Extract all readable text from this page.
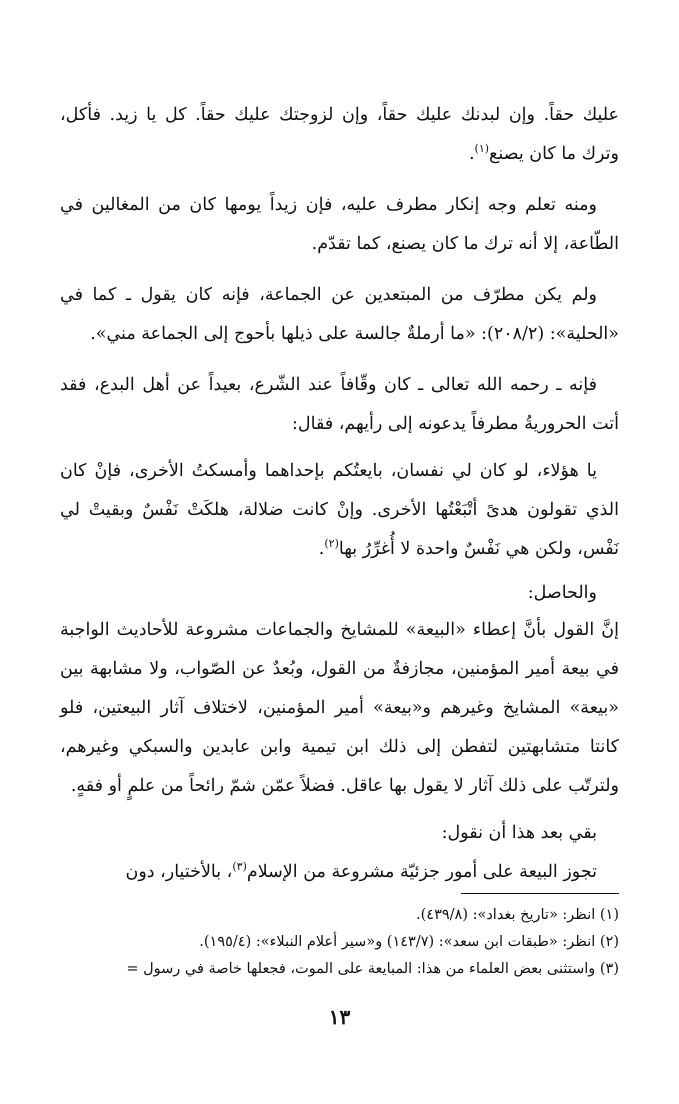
عليك حقاً. وإن لبدنك عليك حقاً، وإن لزوجتك عليك حقاً. كل يا زيد. فأكل، وترك ما كان يصنع$^{(١)}$.

ومنه تعلم وجه إنكار مطرف عليه، فإن زيداً يومها كان من المغالين في الطّاعة، إلا أنه ترك ما كان يصنع، كما تقدّم.

ولم يكن مطرّف من المبتعدين عن الجماعة، فإنه كان يقول ـ كما في «الحلية»: (٢٠٨/٢): «ما أرملةٌ جالسة على ذيلها بأحوج إلى الجماعة مني».

فإنه ـ رحمه الله تعالى ـ كان وقّافاً عند الشّرع، بعيداً عن أهل البدع، فقد أتت الحروريةُ مطرفاً يدعونه إلى رأيهم، فقال:

يا هؤلاء، لو كان لي نفسان، بايعتُكم بإحداهما وأمسكتُ الأخرى، فإنْ كان الذي تقولون هدىً أتْبَعْتُها الأخرى. وإنْ كانت ضلالة، هلكَتْ نَفْسٌ وبقيتْ لي نَفْس، ولكن هي نَفْسٌ واحدة لا أُغرِّرُ بها$^{(٢)}$.

والحاصل:

إنَّ القول بأنَّ إعطاء «البيعة» للمشايخ والجماعات مشروعة للأحاديث الواجبة في بيعة أمير المؤمنين، مجازفةٌ من القول، وبُعدٌ عن الصّواب، ولا مشابهة بين «بيعة» المشايخ وغيرهم و«بيعة» أمير المؤمنين، لاختلاف آثار البيعتين، فلو كانتا متشابهتين لتفطن إلى ذلك ابن تيمية وابن عابدين والسبكي وغيرهم، ولترتّب على ذلك آثار لا يقول بها عاقل. فضلاً عمّن شمّ رائحاً من علمٍ أو فقهٍ.

بقي بعد هذا أن نقول:

تجوز البيعة على أمور جزئيّة مشروعة من الإسلام$^{(٣)}$، بالأختيار، دون

(١) انظر: «تاريخ بغداد»: (٤٣٩/٨).

(٢) انظر: «طبقات ابن سعد»: (١٤٣/٧) و«سير أعلام النبلاء»: (١٩٥/٤).

(٣) واستثنى بعض العلماء من هذا: المبايعة على الموت، فجعلها خاصة في رسول =

١٣
